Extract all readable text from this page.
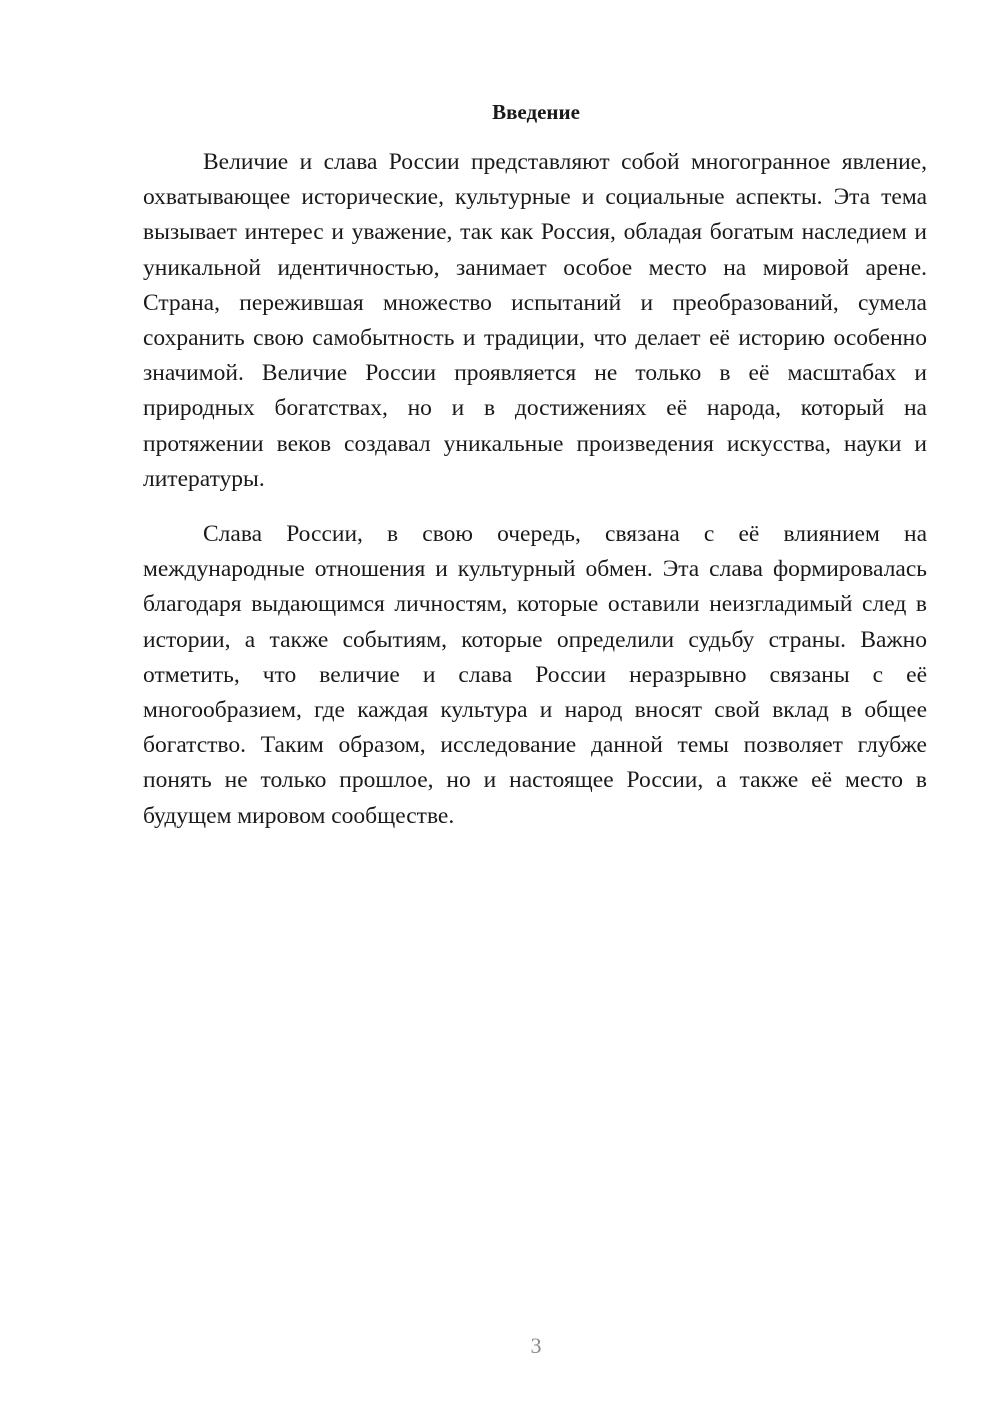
Введение

Величие и слава России представляют собой многогранное явление, охватывающее исторические, культурные и социальные аспекты. Эта тема вызывает интерес и уважение, так как Россия, обладая богатым наследием и уникальной идентичностью, занимает особое место на мировой арене. Страна, пережившая множество испытаний и преобразований, сумела сохранить свою самобытность и традиции, что делает её историю особенно значимой. Величие России проявляется не только в её масштабах и природных богатствах, но и в достижениях её народа, который на протяжении веков создавал уникальные произведения искусства, науки и литературы.

Слава России, в свою очередь, связана с её влиянием на международные отношения и культурный обмен. Эта слава формировалась благодаря выдающимся личностям, которые оставили неизгладимый след в истории, а также событиям, которые определили судьбу страны. Важно отметить, что величие и слава России неразрывно связаны с её многообразием, где каждая культура и народ вносят свой вклад в общее богатство. Таким образом, исследование данной темы позволяет глубже понять не только прошлое, но и настоящее России, а также её место в будущем мировом сообществе.

3
